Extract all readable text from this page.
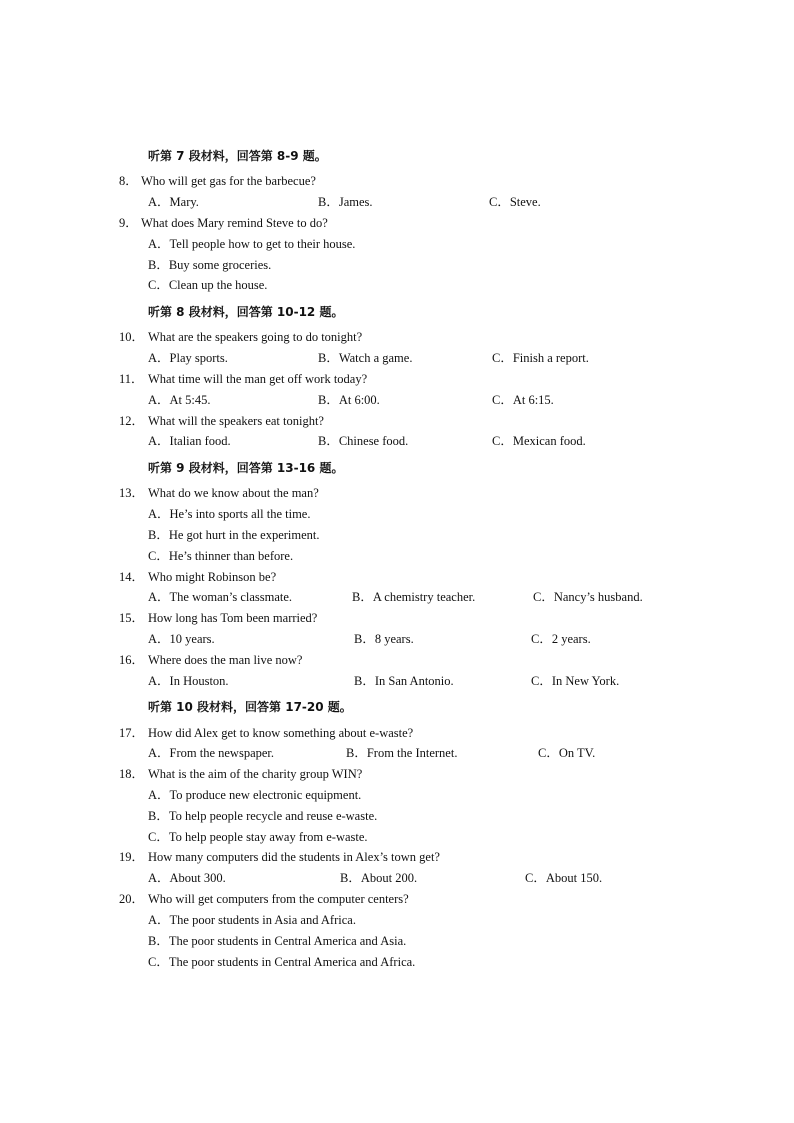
听第 7 段材料，回答第 8-9 题。
8． Who will get gas for the barbecue?
A．Mary.	B．James.	C．Steve.
9． What does Mary remind Steve to do?
A．Tell people how to get to their house.
B．Buy some groceries.
C．Clean up the house.
听第 8 段材料，回答第 10-12 题。
10． What are the speakers going to do tonight?
A．Play sports.	B．Watch a game.	C．Finish a report.
11． What time will the man get off work today?
A．At 5:45.	B．At 6:00.	C．At 6:15.
12． What will the speakers eat tonight?
A．Italian food.	B．Chinese food.	C．Mexican food.
听第 9 段材料，回答第 13-16 题。
13． What do we know about the man?
A．He’s into sports all the time.
B．He got hurt in the experiment.
C．He’s thinner than before.
14． Who might Robinson be?
A．The woman’s classmate.	B．A chemistry teacher.	C．Nancy’s husband.
15． How long has Tom been married?
A．10 years.	B．8 years.	C．2 years.
16． Where does the man live now?
A．In Houston.	B．In San Antonio.	C．In New York.
听第 10 段材料，回答第 17-20 题。
17． How did Alex get to know something about e-waste?
A．From the newspaper.	B．From the Internet.	C．On TV.
18． What is the aim of the charity group WIN?
A．To produce new electronic equipment.
B．To help people recycle and reuse e-waste.
C．To help people stay away from e-waste.
19． How many computers did the students in Alex’s town get?
A．About 300.	B．About 200.	C．About 150.
20． Who will get computers from the computer centers?
A．The poor students in Asia and Africa.
B．The poor students in Central America and Asia.
C．The poor students in Central America and Africa.
